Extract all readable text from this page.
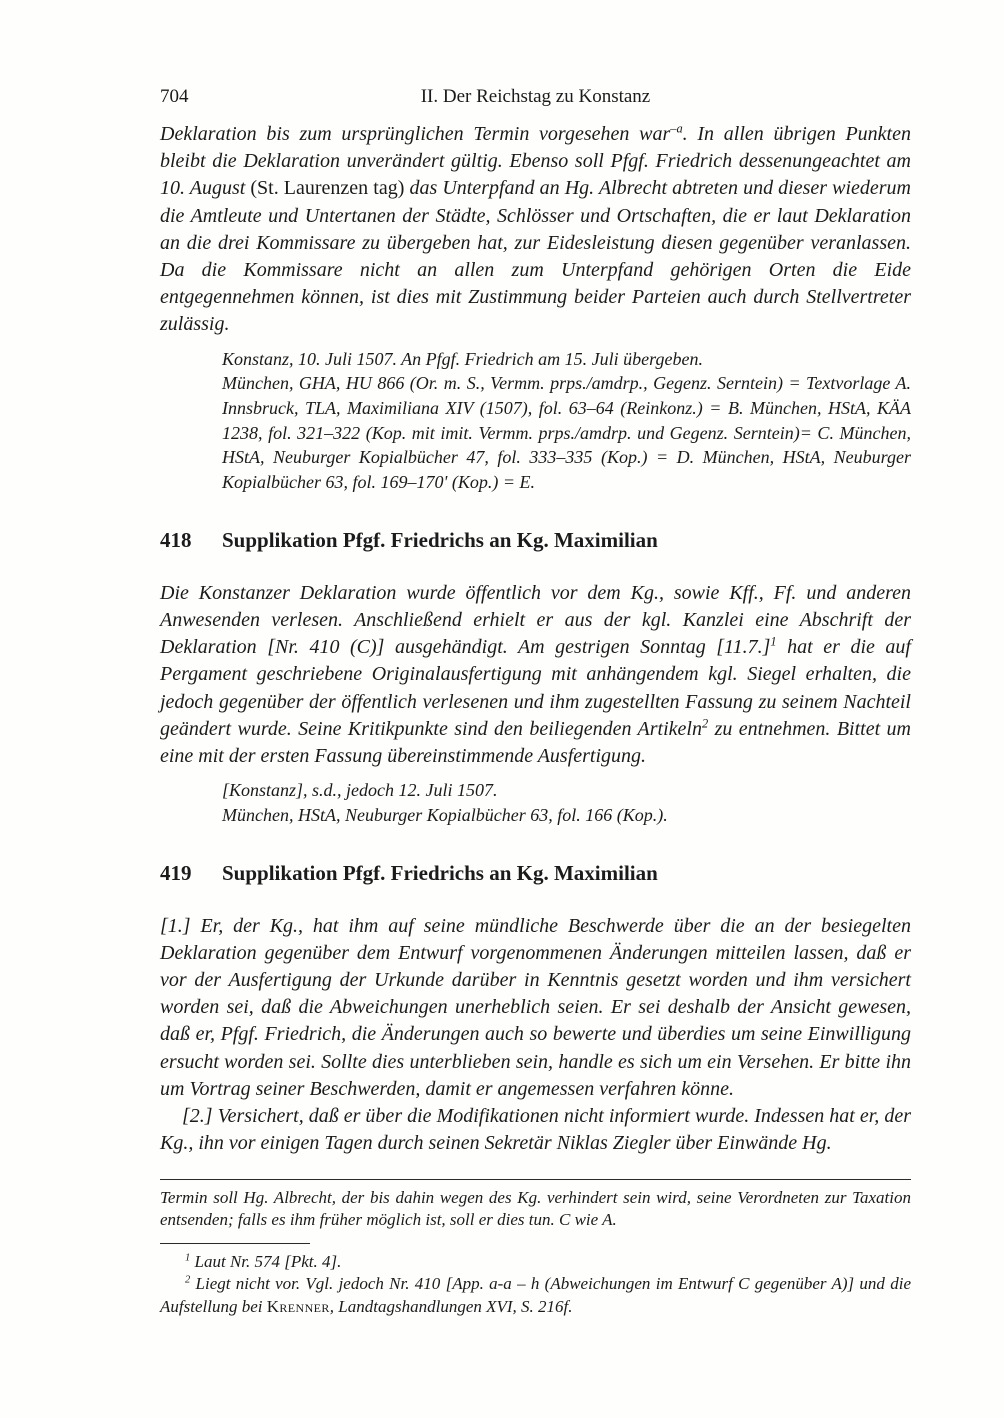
704	II. Der Reichstag zu Konstanz

Deklaration bis zum ursprünglichen Termin vorgesehen war$^{-a}$. In allen übrigen Punkten bleibt die Deklaration unverändert gültig. Ebenso soll Pfgf. Friedrich dessenungeachtet am 10. August (St. Laurenzen tag) das Unterpfand an Hg. Albrecht abtreten und dieser wiederum die Amtleute und Untertanen der Städte, Schlösser und Ortschaften, die er laut Deklaration an die drei Kommissare zu übergeben hat, zur Eidesleistung diesen gegenüber veranlassen. Da die Kommissare nicht an allen zum Unterpfand gehörigen Orten die Eide entgegennehmen können, ist dies mit Zustimmung beider Parteien auch durch Stellvertreter zulässig.

Konstanz, 10. Juli 1507. An Pfgf. Friedrich am 15. Juli übergeben.

München, GHA, HU 866 (Or. m. S., Vermm. prps./amdrp., Gegenz. Serntein) = Textvorlage A. Innsbruck, TLA, Maximiliana XIV (1507), fol. 63–64 (Reinkonz.) = B. München, HStA, KÄA 1238, fol. 321–322 (Kop. mit imit. Vermm. prps./amdrp. und Gegenz. Serntein)= C. München, HStA, Neuburger Kopialbücher 47, fol. 333–335 (Kop.) = D. München, HStA, Neuburger Kopialbücher 63, fol. 169–170' (Kop.) = E.

418	Supplikation Pfgf. Friedrichs an Kg. Maximilian

Die Konstanzer Deklaration wurde öffentlich vor dem Kg., sowie Kff., Ff. und anderen Anwesenden verlesen. Anschließend erhielt er aus der kgl. Kanzlei eine Abschrift der Deklaration [Nr. 410 (C)] ausgehändigt. Am gestrigen Sonntag $[11.7.]^1$ hat er die auf Pergament geschriebene Originalausfertigung mit anhängendem kgl. Siegel erhalten, die jedoch gegenüber der öffentlich verlesenen und ihm zugestellten Fassung zu seinem Nachteil geändert wurde. Seine Kritikpunkte sind den beiliegenden Artikeln$^2$ zu entnehmen. Bittet um eine mit der ersten Fassung übereinstimmende Ausfertigung.

[Konstanz], s.d., jedoch 12. Juli 1507.

München, HStA, Neuburger Kopialbücher 63, fol. 166 (Kop.).

419	Supplikation Pfgf. Friedrichs an Kg. Maximilian

[1.] Er, der Kg., hat ihm auf seine mündliche Beschwerde über die an der besiegelten Deklaration gegenüber dem Entwurf vorgenommenen Änderungen mitteilen lassen, daß er vor der Ausfertigung der Urkunde darüber in Kenntnis gesetzt worden und ihm versichert worden sei, daß die Abweichungen unerheblich seien. Er sei deshalb der Ansicht gewesen, daß er, Pfgf. Friedrich, die Änderungen auch so bewerte und überdies um seine Einwilligung ersucht worden sei. Sollte dies unterblieben sein, handle es sich um ein Versehen. Er bitte ihn um Vortrag seiner Beschwerden, damit er angemessen verfahren könne.

[2.] Versichert, daß er über die Modifikationen nicht informiert wurde. Indessen hat er, der Kg., ihn vor einigen Tagen durch seinen Sekretär Niklas Ziegler über Einwände Hg.

Termin soll Hg. Albrecht, der bis dahin wegen des Kg. verhindert sein wird, seine Verordneten zur Taxation entsenden; falls es ihm früher möglich ist, soll er dies tun. C wie A.

$^1$ Laut Nr. 574 [Pkt. 4].

$^2$ Liegt nicht vor. Vgl. jedoch Nr. 410 [App. a-a – h (Abweichungen im Entwurf C gegenüber A)] und die Aufstellung bei Krenner, Landtagshandlungen XVI, S. 216f.
